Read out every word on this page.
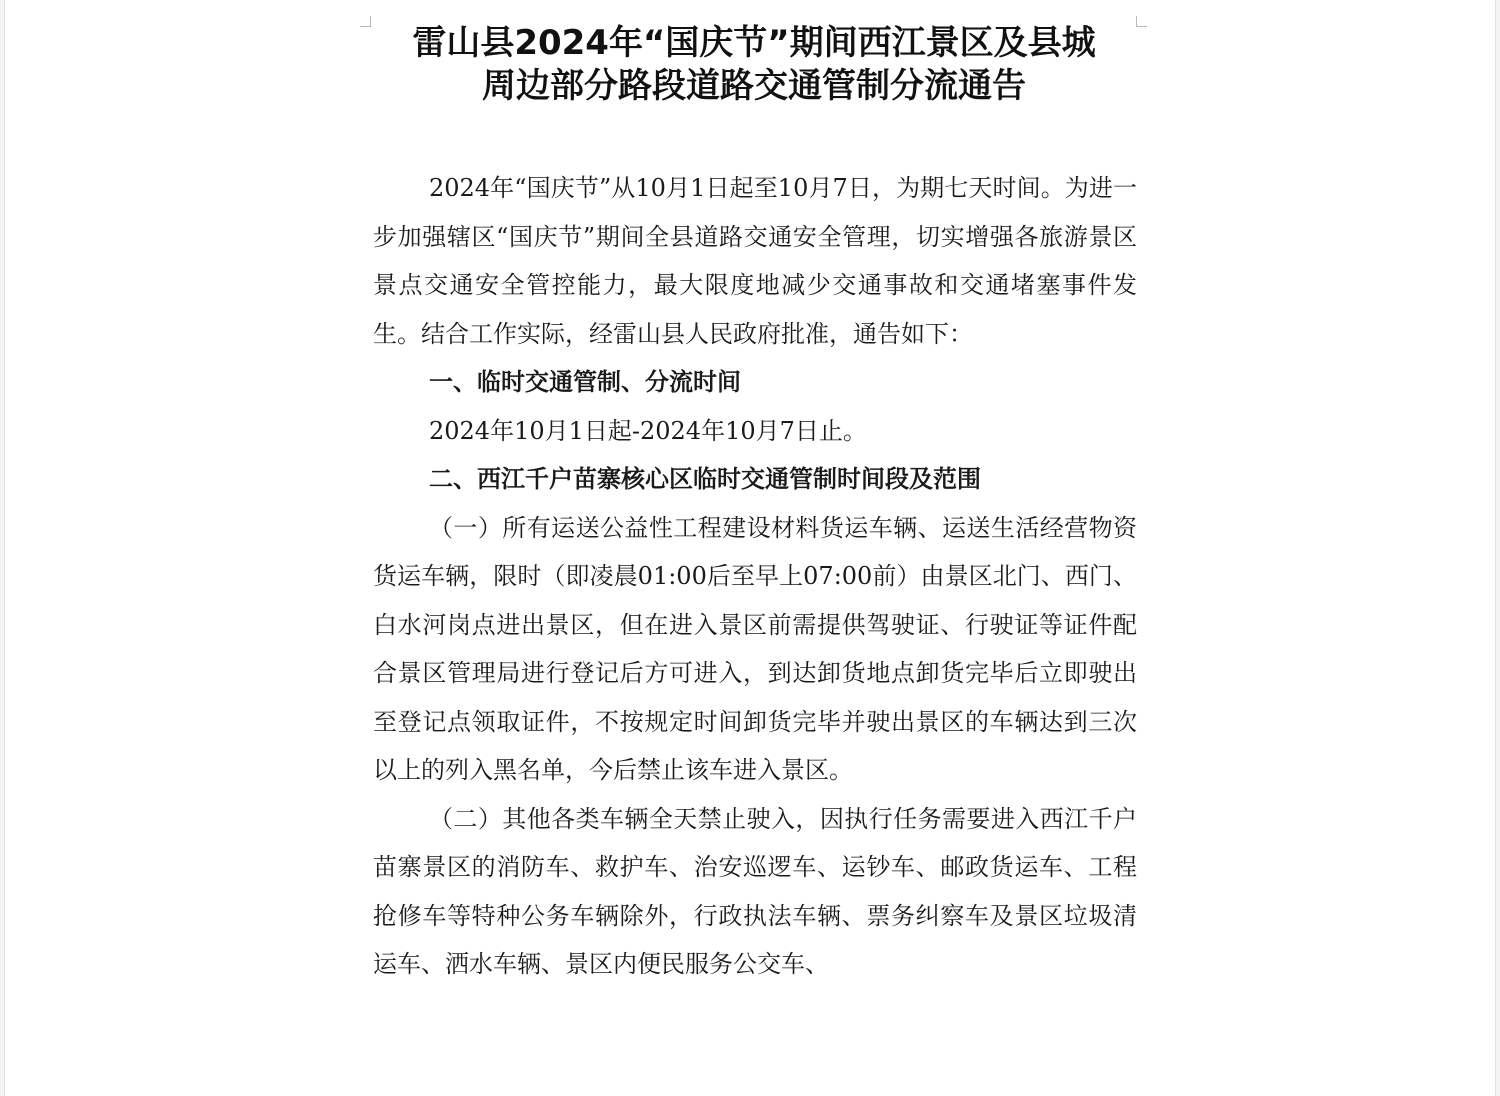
雷山县2024年“国庆节”期间西江景区及县城
周边部分路段道路交通管制分流通告

2024年“国庆节”从10月1日起至10月7日，为期七天时间。为进一步加强辖区“国庆节”期间全县道路交通安全管理，切实增强各旅游景区景点交通安全管控能力，最大限度地减少交通事故和交通堵塞事件发生。结合工作实际，经雷山县人民政府批准，通告如下：

一、临时交通管制、分流时间

2024年10月1日起-2024年10月7日止。

二、西江千户苗寨核心区临时交通管制时间段及范围

（一）所有运送公益性工程建设材料货运车辆、运送生活经营物资货运车辆，限时（即凌晨01:00后至早上07:00前）由景区北门、西门、白水河岗点进出景区，但在进入景区前需提供驾驶证、行驶证等证件配合景区管理局进行登记后方可进入，到达卸货地点卸货完毕后立即驶出至登记点领取证件，不按规定时间卸货完毕并驶出景区的车辆达到三次以上的列入黑名单，今后禁止该车进入景区。

（二）其他各类车辆全天禁止驶入，因执行任务需要进入西江千户苗寨景区的消防车、救护车、治安巡逻车、运钞车、邮政货运车、工程抢修车等特种公务车辆除外，行政执法车辆、票务纠察车及景区垃圾清运车、洒水车辆、景区内便民服务公交车、
